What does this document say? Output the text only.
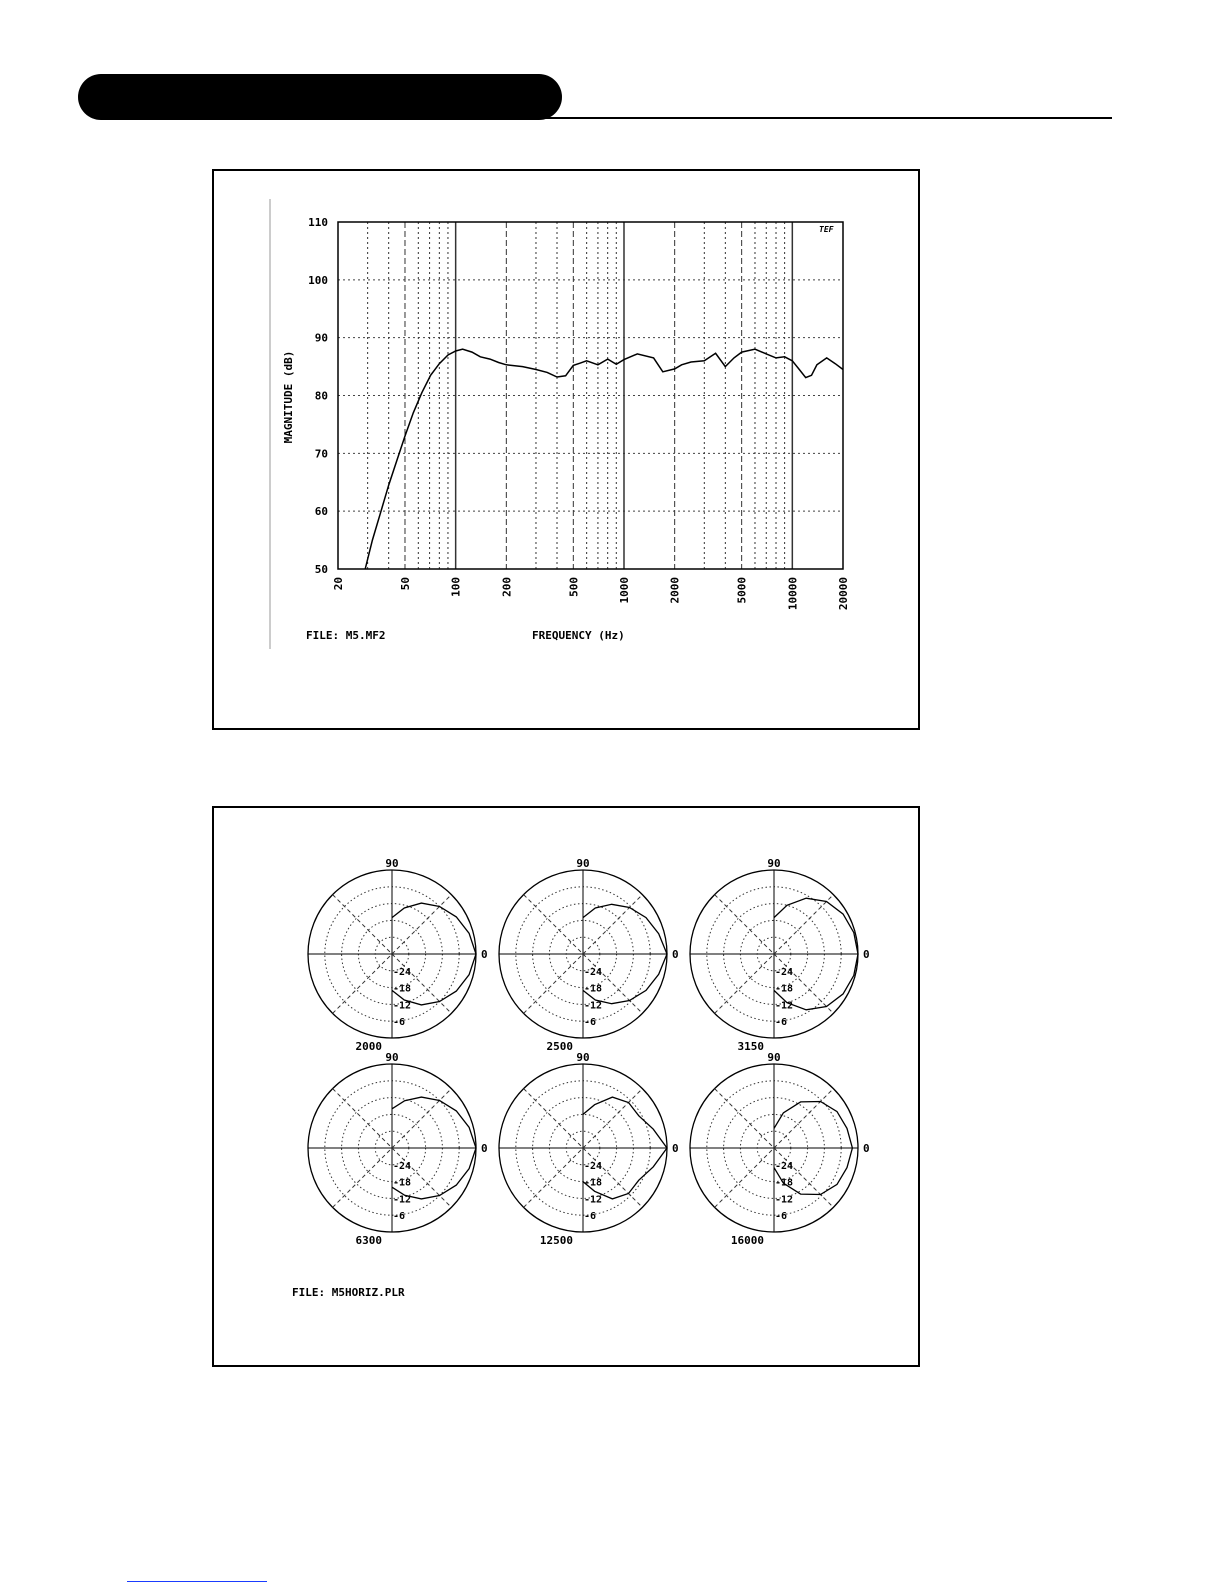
110
100
90
80
70
60
50
20	50	100	200	500	1000	2000	5000	10000	20000
MAGNITUDE (dB)
FREQUENCY (Hz)
FILE: M5.MF2
TEF
90
0
-24
-18
-12
-6
2000
90
0
-24
-18
-12
-6
2500
90
0
-24
-18
-12
-6
3150
90
0
-24
-18
-12
-6
6300
90
0
-24
-18
-12
-6
12500
90
0
-24
-18
-12
-6
16000
FILE: M5HORIZ.PLR
